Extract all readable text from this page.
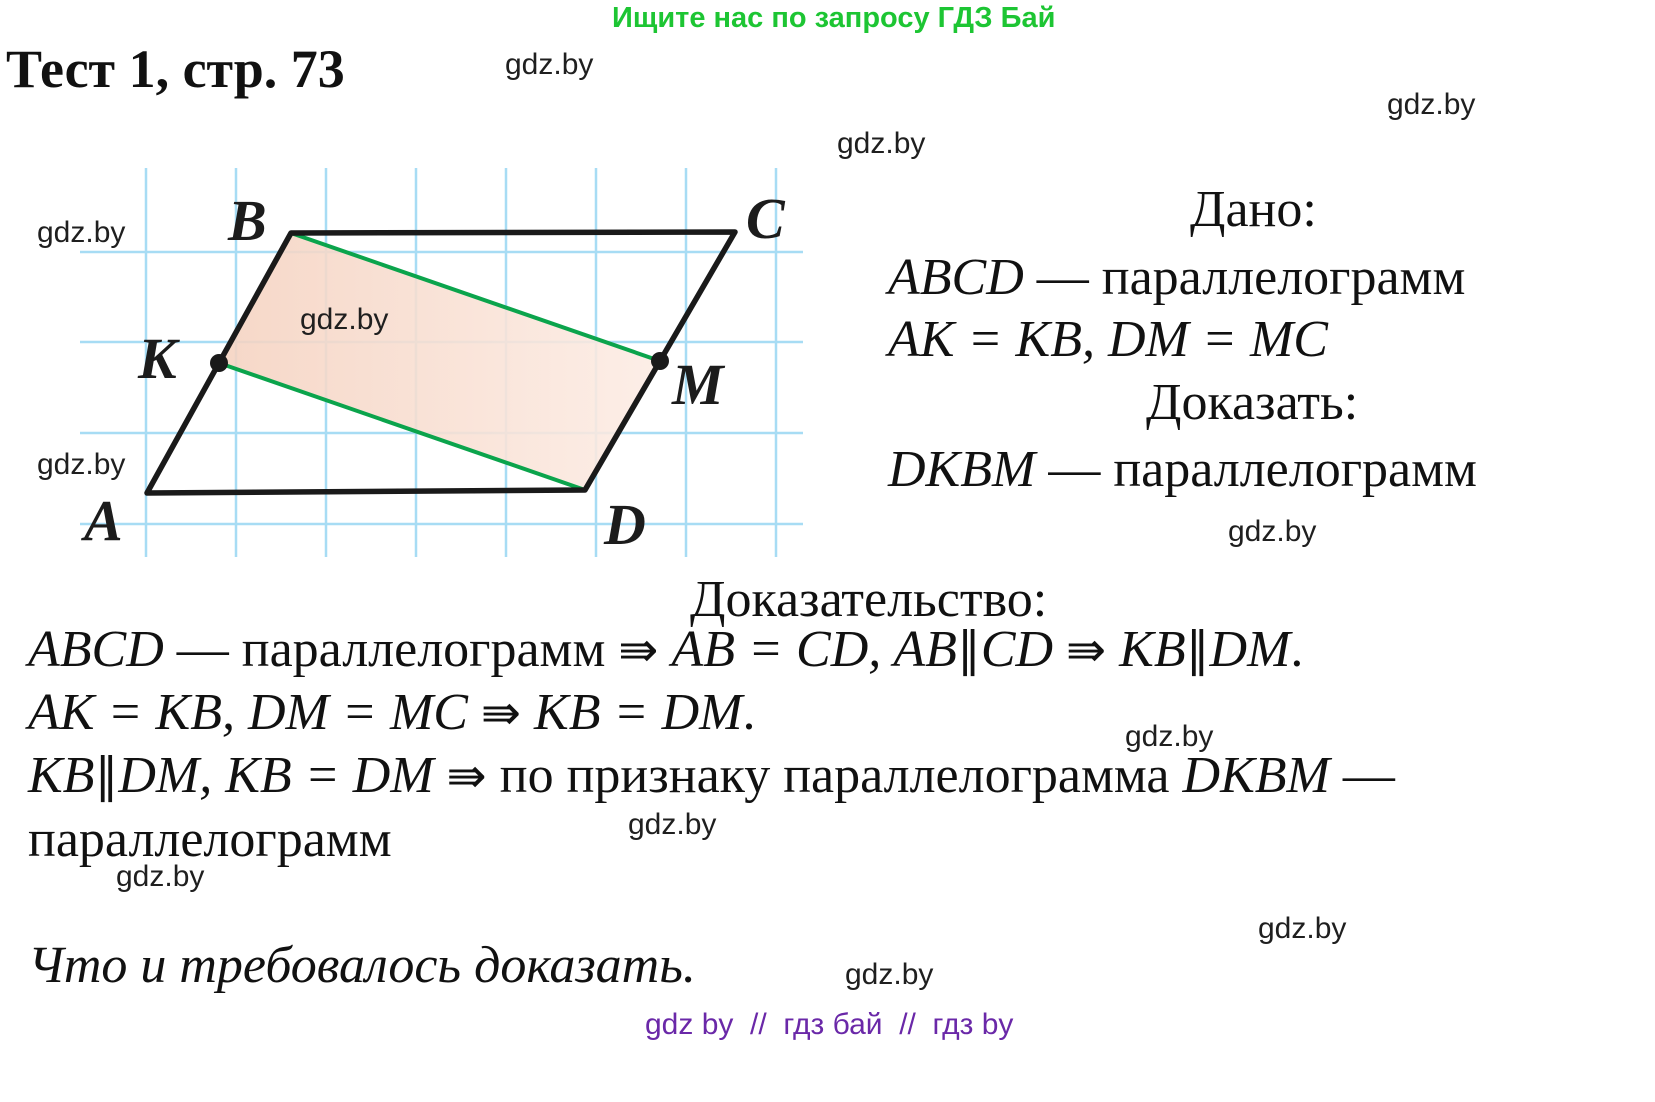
Ищите нас по запросу ГДЗ Бай
Тест 1, стр. 73
A
B	C
D
K	M
gdz.by
gdz.by
gdz.by
gdz.by
gdz.by
gdz.by
gdz.by
gdz.by
gdz.by
gdz.by
gdz.by
gdz.by
Дано:
ABCD — параллелограмм
AK = KB, DM = MC
Доказать:
DKBM — параллелограмм
Доказательство:
ABCD — параллелограмм ⇛ AB = CD, AB∥CD ⇛ KB∥DM.
AK = KB, DM = MC ⇛ KB = DM.
KB∥DM, KB = DM ⇛ по признаку параллелограмма DKBM —
параллелограмм
Что и требовалось доказать.
gdz by  //  гдз бай  //  гдз by
